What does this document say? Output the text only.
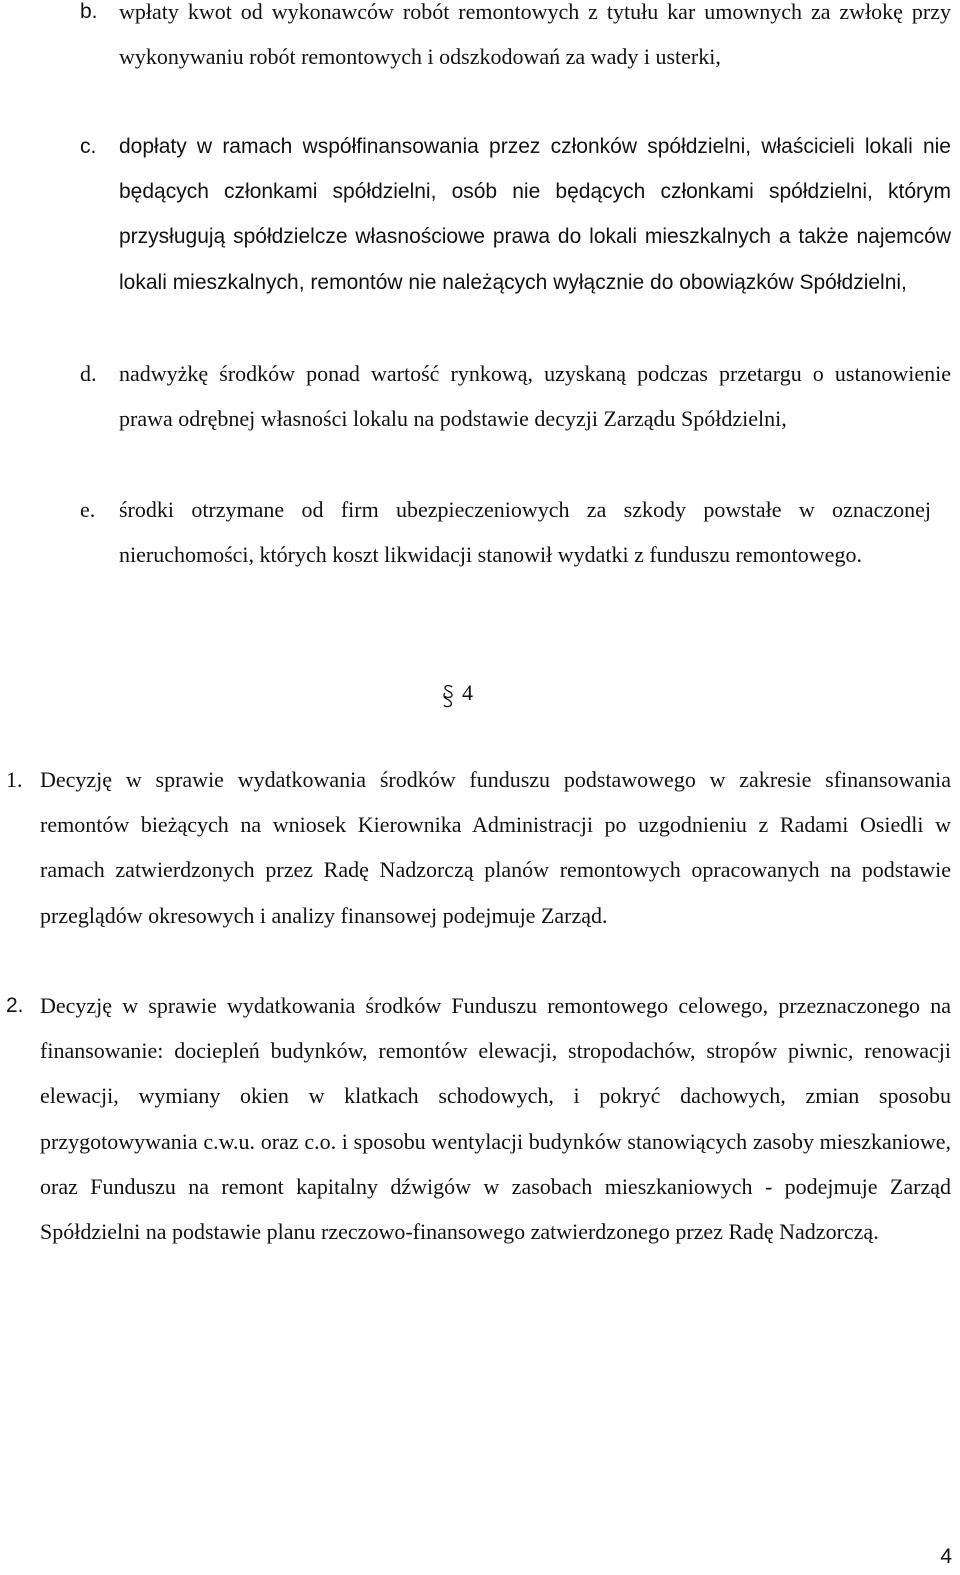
b. wpłaty kwot od wykonawców robót remontowych z tytułu kar umownych za zwłokę przy wykonywaniu robót remontowych i odszkodowań za wady i usterki,

c. dopłaty w ramach współfinansowania przez członków spółdzielni, właścicieli lokali nie będących członkami spółdzielni, osób nie będących członkami spółdzielni, którym przysługują spółdzielcze własnościowe prawa do lokali mieszkalnych a także najemców lokali mieszkalnych, remontów nie należących wyłącznie do obowiązków Spółdzielni,

d. nadwyżkę środków ponad wartość rynkową, uzyskaną podczas przetargu o ustanowienie prawa odrębnej własności lokalu na podstawie decyzji Zarządu Spółdzielni,

e. środki otrzymane od firm ubezpieczeniowych za szkody powstałe w oznaczonej nieruchomości, których koszt likwidacji stanowił wydatki z funduszu remontowego.

4
1. Decyzję w sprawie wydatkowania środków funduszu podstawowego w zakresie sfinansowania remontów bieżących na wniosek Kierownika Administracji po uzgodnieniu z Radami Osiedli w ramach zatwierdzonych przez Radę Nadzorczą planów remontowych opracowanych na podstawie przeglądów okresowych i analizy finansowej podejmuje Zarząd.

2. Decyzję w sprawie wydatkowania środków Funduszu remontowego celowego, przeznaczonego na finansowanie: dociepleń budynków, remontów elewacji, stropodachów, stropów piwnic, renowacji elewacji, wymiany okien w klatkach schodowych, i pokryć dachowych, zmian sposobu przygotowywania c.w.u. oraz c.o. i sposobu wentylacji budynków stanowiących zasoby mieszkaniowe, oraz Funduszu na remont kapitalny dźwigów w zasobach mieszkaniowych - podejmuje Zarząd Spółdzielni na podstawie planu rzeczowo-finansowego zatwierdzonego przez Radę Nadzorczą.

4
